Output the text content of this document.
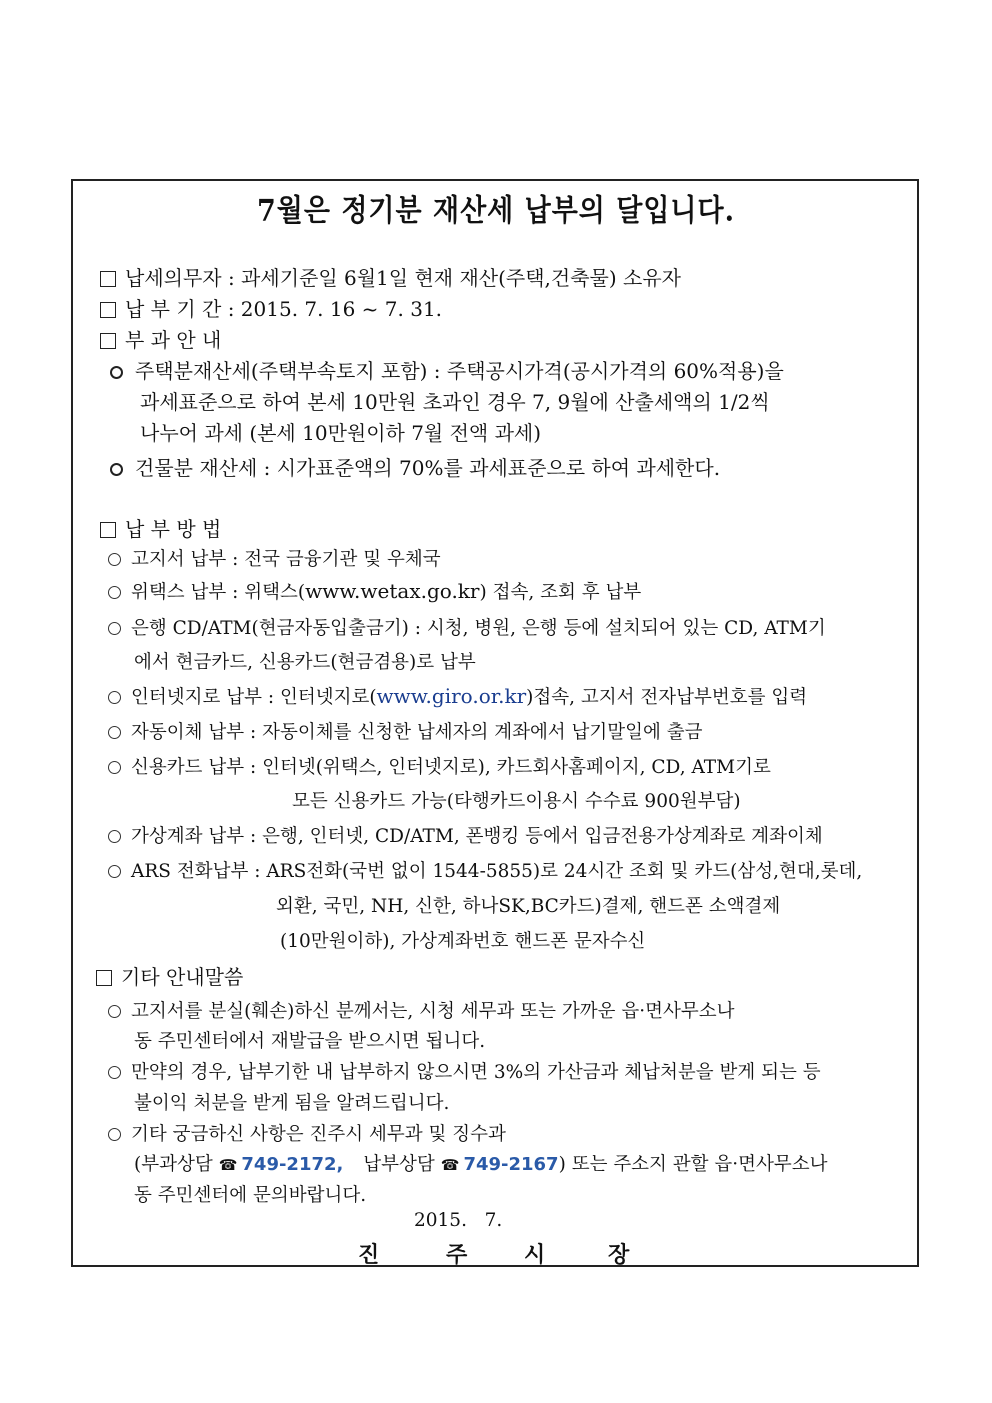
7월은 정기분 재산세 납부의 달입니다.
납세의무자 : 과세기준일 6월1일 현재 재산(주택,건축물) 소유자
납 부 기 간 : 2015. 7. 16 ~ 7. 31.
부 과 안 내
주택분재산세(주택부속토지 포함) : 주택공시가격(공시가격의 60%적용)을
과세표준으로 하여 본세 10만원 초과인 경우 7, 9월에 산출세액의 1/2씩
나누어 과세 (본세 10만원이하 7월 전액 과세)
건물분 재산세 : 시가표준액의 70%를 과세표준으로 하여 과세한다.
납 부 방 법
고지서 납부 : 전국 금융기관 및 우체국
위택스 납부 : 위택스(www.wetax.go.kr) 접속, 조회 후 납부
은행 CD/ATM(현금자동입출금기) : 시청, 병원, 은행 등에 설치되어 있는 CD, ATM기
에서 현금카드, 신용카드(현금겸용)로 납부
인터넷지로 납부 : 인터넷지로(www.giro.or.kr)접속, 고지서 전자납부번호를 입력
자동이체 납부 : 자동이체를 신청한 납세자의 계좌에서 납기말일에 출금
신용카드 납부 : 인터넷(위택스, 인터넷지로), 카드회사홈페이지, CD, ATM기로
모든 신용카드 가능(타행카드이용시 수수료 900원부담)
가상계좌 납부 : 은행, 인터넷, CD/ATM, 폰뱅킹 등에서 입금전용가상계좌로 계좌이체
ARS 전화납부 : ARS전화(국번 없이 1544-5855)로 24시간 조회 및 카드(삼성,현대,롯데,
외환, 국민, NH, 신한, 하나SK,BC카드)결제, 핸드폰 소액결제
(10만원이하), 가상계좌번호 핸드폰 문자수신
기타 안내말씀
고지서를 분실(훼손)하신 분께서는, 시청 세무과 또는 가까운 읍·면사무소나
동 주민센터에서 재발급을 받으시면 됩니다.
만약의 경우, 납부기한 내 납부하지 않으시면 3%의 가산금과 체납처분을 받게 되는 등
불이익 처분을 받게 됨을 알려드립니다.
기타 궁금하신 사항은 진주시 세무과 및 징수과
(부과상담 ☎ 749-2172, 납부상담 ☎ 749-2167) 또는 주소지 관할 읍·면사무소나
동 주민센터에 문의바랍니다.
2015.   7.
진	주	시	장
